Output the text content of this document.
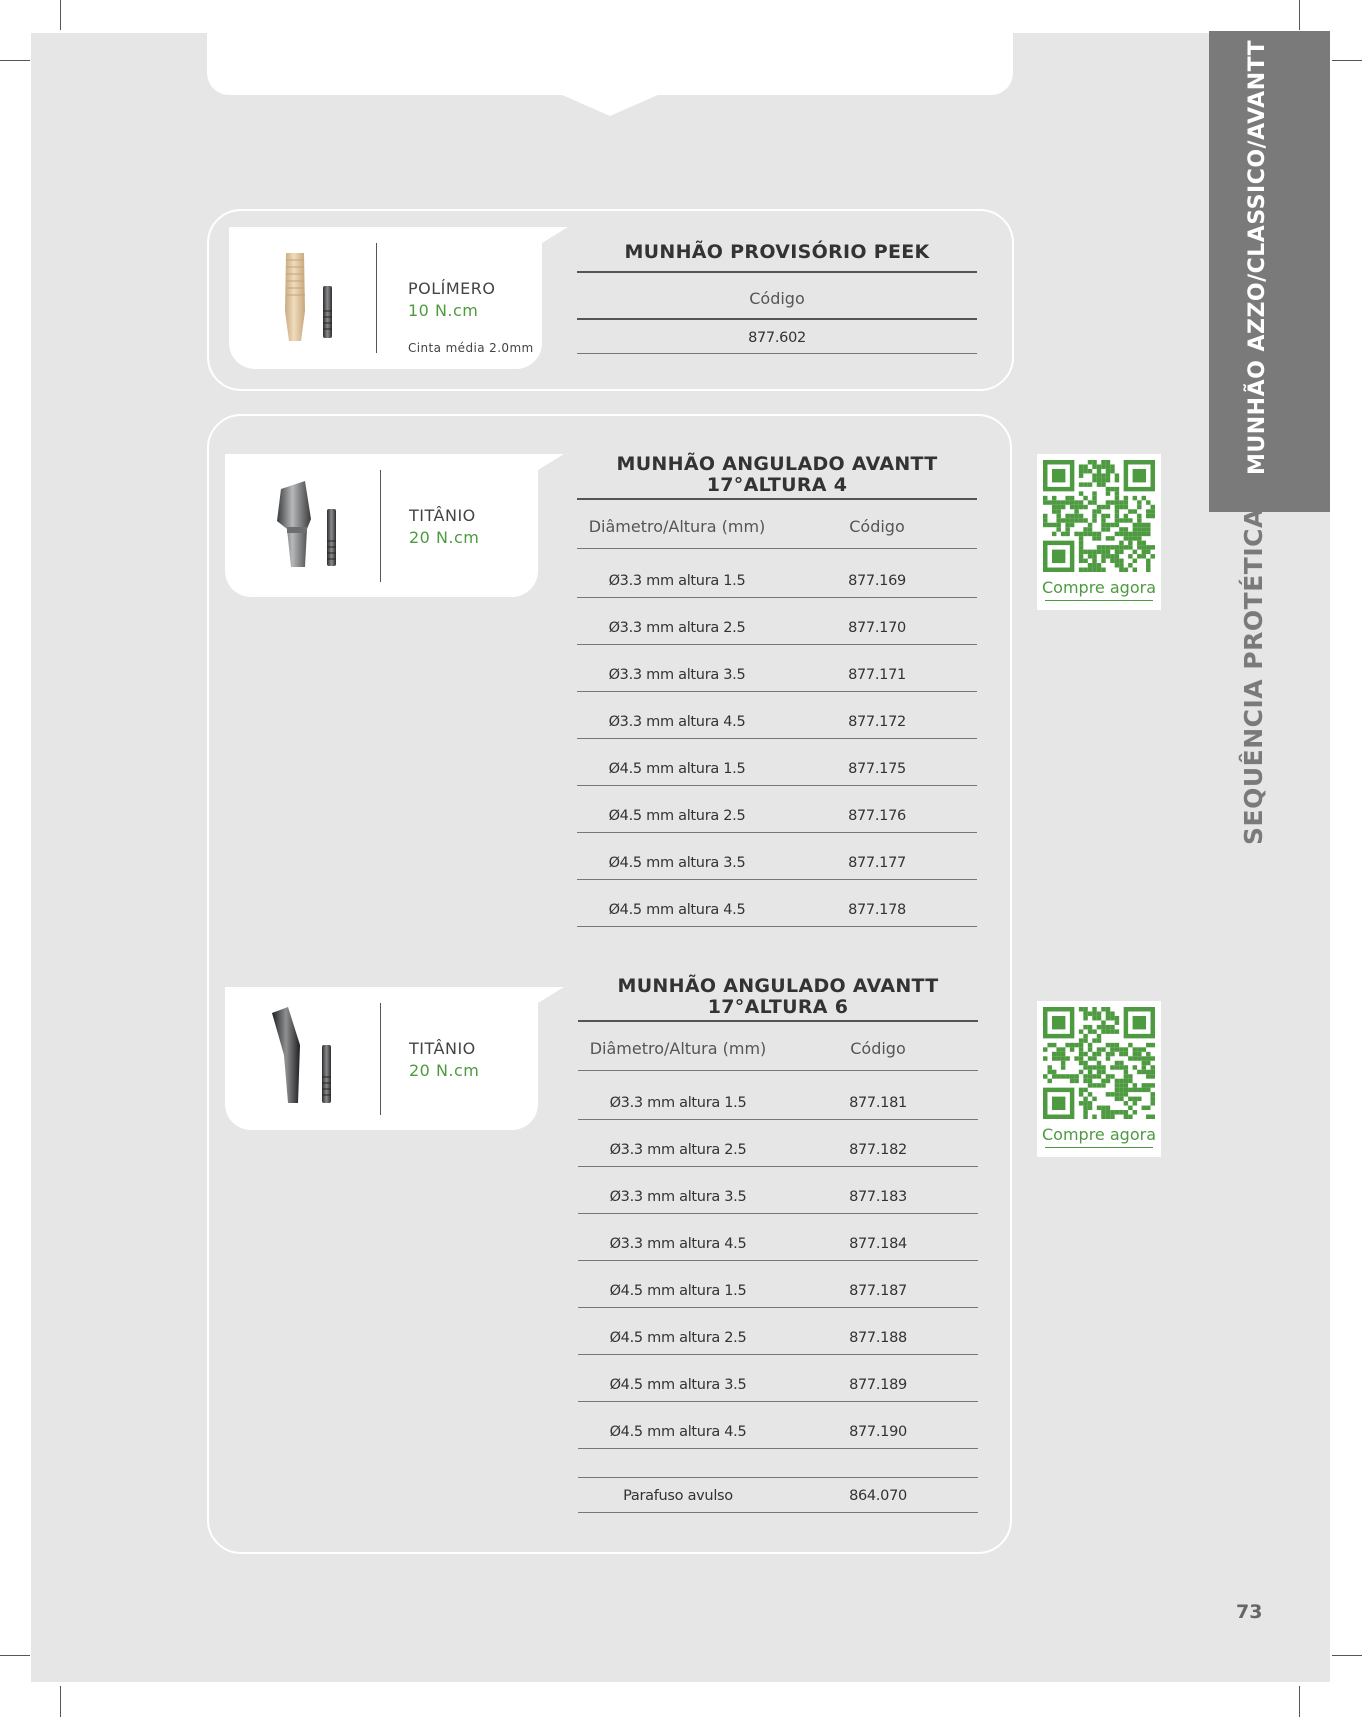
POLÍMERO
10 N.cm
Cinta média 2.0mm
MUNHÃO PROVISÓRIO PEEK
Código
877.602
TITÂNIO
20 N.cm
MUNHÃO ANGULADO AVANTT
17°ALTURA 4
Diâmetro/Altura (mm)	Código
Ø3.3 mm altura 1.5	877.169
Ø3.3 mm altura 2.5	877.170
Ø3.3 mm altura 3.5	877.171
Ø3.3 mm altura 4.5	877.172
Ø4.5 mm altura 1.5	877.175
Ø4.5 mm altura 2.5	877.176
Ø4.5 mm altura 3.5	877.177
Ø4.5 mm altura 4.5	877.178
Compre agora
TITÂNIO
20 N.cm
MUNHÃO ANGULADO AVANTT
17°ALTURA 6
Diâmetro/Altura (mm)	Código
Ø3.3 mm altura 1.5	877.181
Ø3.3 mm altura 2.5	877.182
Ø3.3 mm altura 3.5	877.183
Ø3.3 mm altura 4.5	877.184
Ø4.5 mm altura 1.5	877.187
Ø4.5 mm altura 2.5	877.188
Ø4.5 mm altura 3.5	877.189
Ø4.5 mm altura 4.5	877.190
Parafuso avulso	864.070
Compre agora
MUNHÃO AZZO/CLASSICO/AVANTT
SEQUÊNCIA PROTÉTICA
73
